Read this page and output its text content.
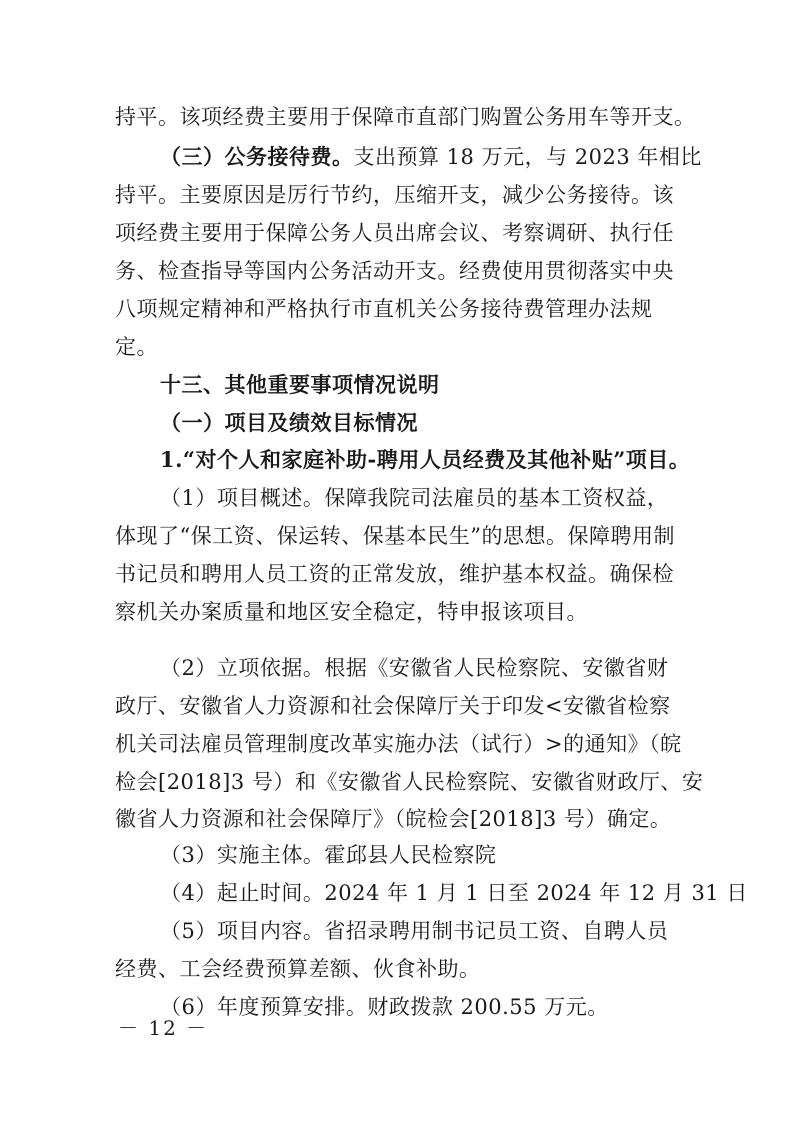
持平。该项经费主要用于保障市直部门购置公务用车等开支。
（三）公务接待费。支出预算 18 万元，与 2023 年相比
持平。主要原因是厉行节约，压缩开支，减少公务接待。该
项经费主要用于保障公务人员出席会议、考察调研、执行任
务、检查指导等国内公务活动开支。经费使用贯彻落实中央
八项规定精神和严格执行市直机关公务接待费管理办法规
定。
十三、其他重要事项情况说明
（一）项目及绩效目标情况
1.“对个人和家庭补助-聘用人员经费及其他补贴”项目。
（1）项目概述。保障我院司法雇员的基本工资权益，
体现了“保工资、保运转、保基本民生”的思想。保障聘用制
书记员和聘用人员工资的正常发放，维护基本权益。确保检
察机关办案质量和地区安全稳定，特申报该项目。
（2）立项依据。根据《安徽省人民检察院、安徽省财
政厅、安徽省人力资源和社会保障厅关于印发<安徽省检察
机关司法雇员管理制度改革实施办法（试行）>的通知》（皖
检会[2018]3 号）和《安徽省人民检察院、安徽省财政厅、安
徽省人力资源和社会保障厅》（皖检会[2018]3 号）确定。
（3）实施主体。霍邱县人民检察院
（4）起止时间。2024 年 1 月 1 日至 2024 年 12 月 31 日
（5）项目内容。省招录聘用制书记员工资、自聘人员
经费、工会经费预算差额、伙食补助。
（6）年度预算安排。财政拨款 200.55 万元。
－ 12 －
